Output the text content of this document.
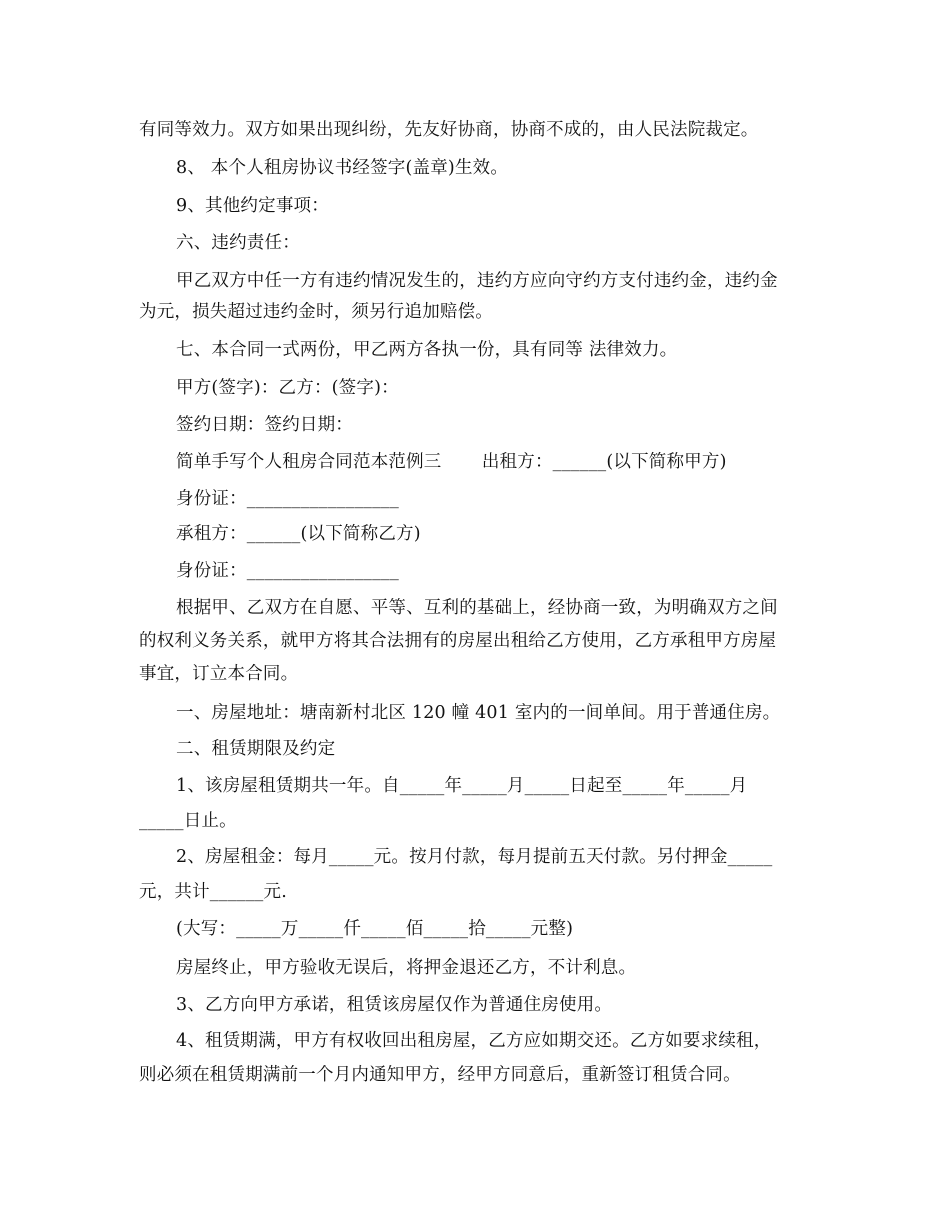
有同等效力。双方如果出现纠纷，先友好协商，协商不成的，由人民法院裁定。
8、 本个人租房协议书经签字(盖章)生效。
9、其他约定事项：
六、违约责任：
甲乙双方中任一方有违约情况发生的，违约方应向守约方支付违约金，违约金
为元，损失超过违约金时，须另行追加赔偿。
七、本合同一式两份，甲乙两方各执一份，具有同等 法律效力。
甲方(签字)：乙方：(签字)：
签约日期：签约日期：
简单手写个人租房合同范本范例三       出租方：______(以下简称甲方)
身份证：_________________
承租方：______(以下简称乙方)
身份证：_________________
根据甲、乙双方在自愿、平等、互利的基础上，经协商一致，为明确双方之间
的权利义务关系，就甲方将其合法拥有的房屋出租给乙方使用，乙方承租甲方房屋
事宜，订立本合同。
一、房屋地址：塘南新村北区 120 幢 401 室内的一间单间。用于普通住房。
二、租赁期限及约定
1、该房屋租赁期共一年。自_____年_____月_____日起至_____年_____月
_____日止。
2、房屋租金：每月_____元。按月付款，每月提前五天付款。另付押金_____
元，共计______元.
(大写：_____万_____仟_____佰_____拾_____元整)
房屋终止，甲方验收无误后，将押金退还乙方，不计利息。
3、乙方向甲方承诺，租赁该房屋仅作为普通住房使用。
4、租赁期满，甲方有权收回出租房屋，乙方应如期交还。乙方如要求续租，
则必须在租赁期满前一个月内通知甲方，经甲方同意后，重新签订租赁合同。
